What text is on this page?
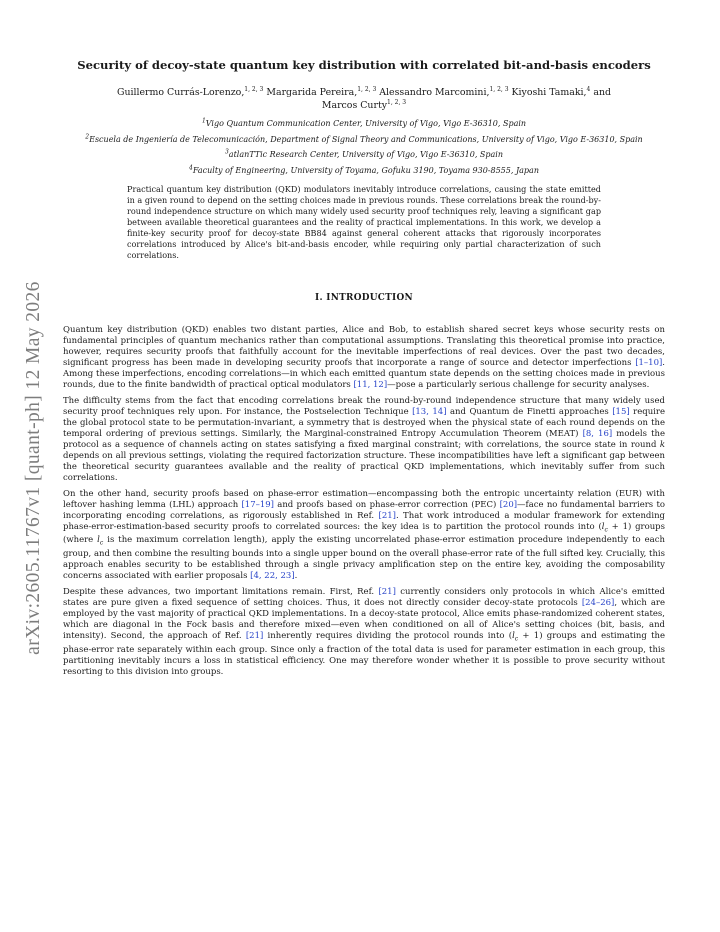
arXiv:2605.11767v1 [quant-ph] 12 May 2026
Security of decoy-state quantum key distribution with correlated bit-and-basis encoders
Guillermo Currás-Lorenzo,$^{1, 2, 3}$ Margarida Pereira,$^{1, 2, 3}$ Alessandro Marcomini,$^{1, 2, 3}$ Kiyoshi Tamaki,$^4$ and Marcos Curty$^{1, 2, 3}$
$^1$Vigo Quantum Communication Center, University of Vigo, Vigo E-36310, Spain
$^2$Escuela de Ingeniería de Telecomunicación, Department of Signal Theory and Communications, University of Vigo, Vigo E-36310, Spain
$^3$atlanTTic Research Center, University of Vigo, Vigo E-36310, Spain
$^4$Faculty of Engineering, University of Toyama, Gofuku 3190, Toyama 930-8555, Japan
Practical quantum key distribution (QKD) modulators inevitably introduce correlations, causing the state emitted in a given round to depend on the setting choices made in previous rounds. These correlations break the round-by-round independence structure on which many widely used security proof techniques rely, leaving a significant gap between available theoretical guarantees and the reality of practical implementations. In this work, we develop a finite-key security proof for decoy-state BB84 against general coherent attacks that rigorously incorporates correlations introduced by Alice's bit-and-basis encoder, while requiring only partial characterization of such correlations.
I. INTRODUCTION

Quantum key distribution (QKD) enables two distant parties, Alice and Bob, to establish shared secret keys whose security rests on fundamental principles of quantum mechanics rather than computational assumptions. Translating this theoretical promise into practice, however, requires security proofs that faithfully account for the inevitable imperfections of real devices. Over the past two decades, significant progress has been made in developing security proofs that incorporate a range of source and detector imperfections [1–10]. Among these imperfections, encoding correlations—in which each emitted quantum state depends on the setting choices made in previous rounds, due to the finite bandwidth of practical optical modulators [11, 12]—pose a particularly serious challenge for security analyses.

The difficulty stems from the fact that encoding correlations break the round-by-round independence structure that many widely used security proof techniques rely upon. For instance, the Postselection Technique [13, 14] and Quantum de Finetti approaches [15] require the global protocol state to be permutation-invariant, a symmetry that is destroyed when the physical state of each round depends on the temporal ordering of previous settings. Similarly, the Marginal-constrained Entropy Accumulation Theorem (MEAT) [8, 16] models the protocol as a sequence of channels acting on states satisfying a fixed marginal constraint; with correlations, the source state in round k depends on all previous settings, violating the required factorization structure. These incompatibilities have left a significant gap between the theoretical security guarantees available and the reality of practical QKD implementations, which inevitably suffer from such correlations.

On the other hand, security proofs based on phase-error estimation—encompassing both the entropic uncertainty relation (EUR) with leftover hashing lemma (LHL) approach [17–19] and proofs based on phase-error correction (PEC) [20]—face no fundamental barriers to incorporating encoding correlations, as rigorously established in Ref. [21]. That work introduced a modular framework for extending phase-error-estimation-based security proofs to correlated sources: the key idea is to partition the protocol rounds into $(l_c + 1)$ groups (where $l_c$ is the maximum correlation length), apply the existing uncorrelated phase-error estimation procedure independently to each group, and then combine the resulting bounds into a single upper bound on the overall phase-error rate of the full sifted key. Crucially, this approach enables security to be established through a single privacy amplification step on the entire key, avoiding the composability concerns associated with earlier proposals [4, 22, 23].

Despite these advances, two important limitations remain. First, Ref. [21] currently considers only protocols in which Alice's emitted states are pure given a fixed sequence of setting choices. Thus, it does not directly consider decoy-state protocols [24–26], which are employed by the vast majority of practical QKD implementations. In a decoy-state protocol, Alice emits phase-randomized coherent states, which are diagonal in the Fock basis and therefore mixed—even when conditioned on all of Alice's setting choices (bit, basis, and intensity). Second, the approach of Ref. [21] inherently requires dividing the protocol rounds into $(l_c + 1)$ groups and estimating the phase-error rate separately within each group. Since only a fraction of the total data is used for parameter estimation in each group, this partitioning inevitably incurs a loss in statistical efficiency. One may therefore wonder whether it is possible to prove security without resorting to this division into groups.
